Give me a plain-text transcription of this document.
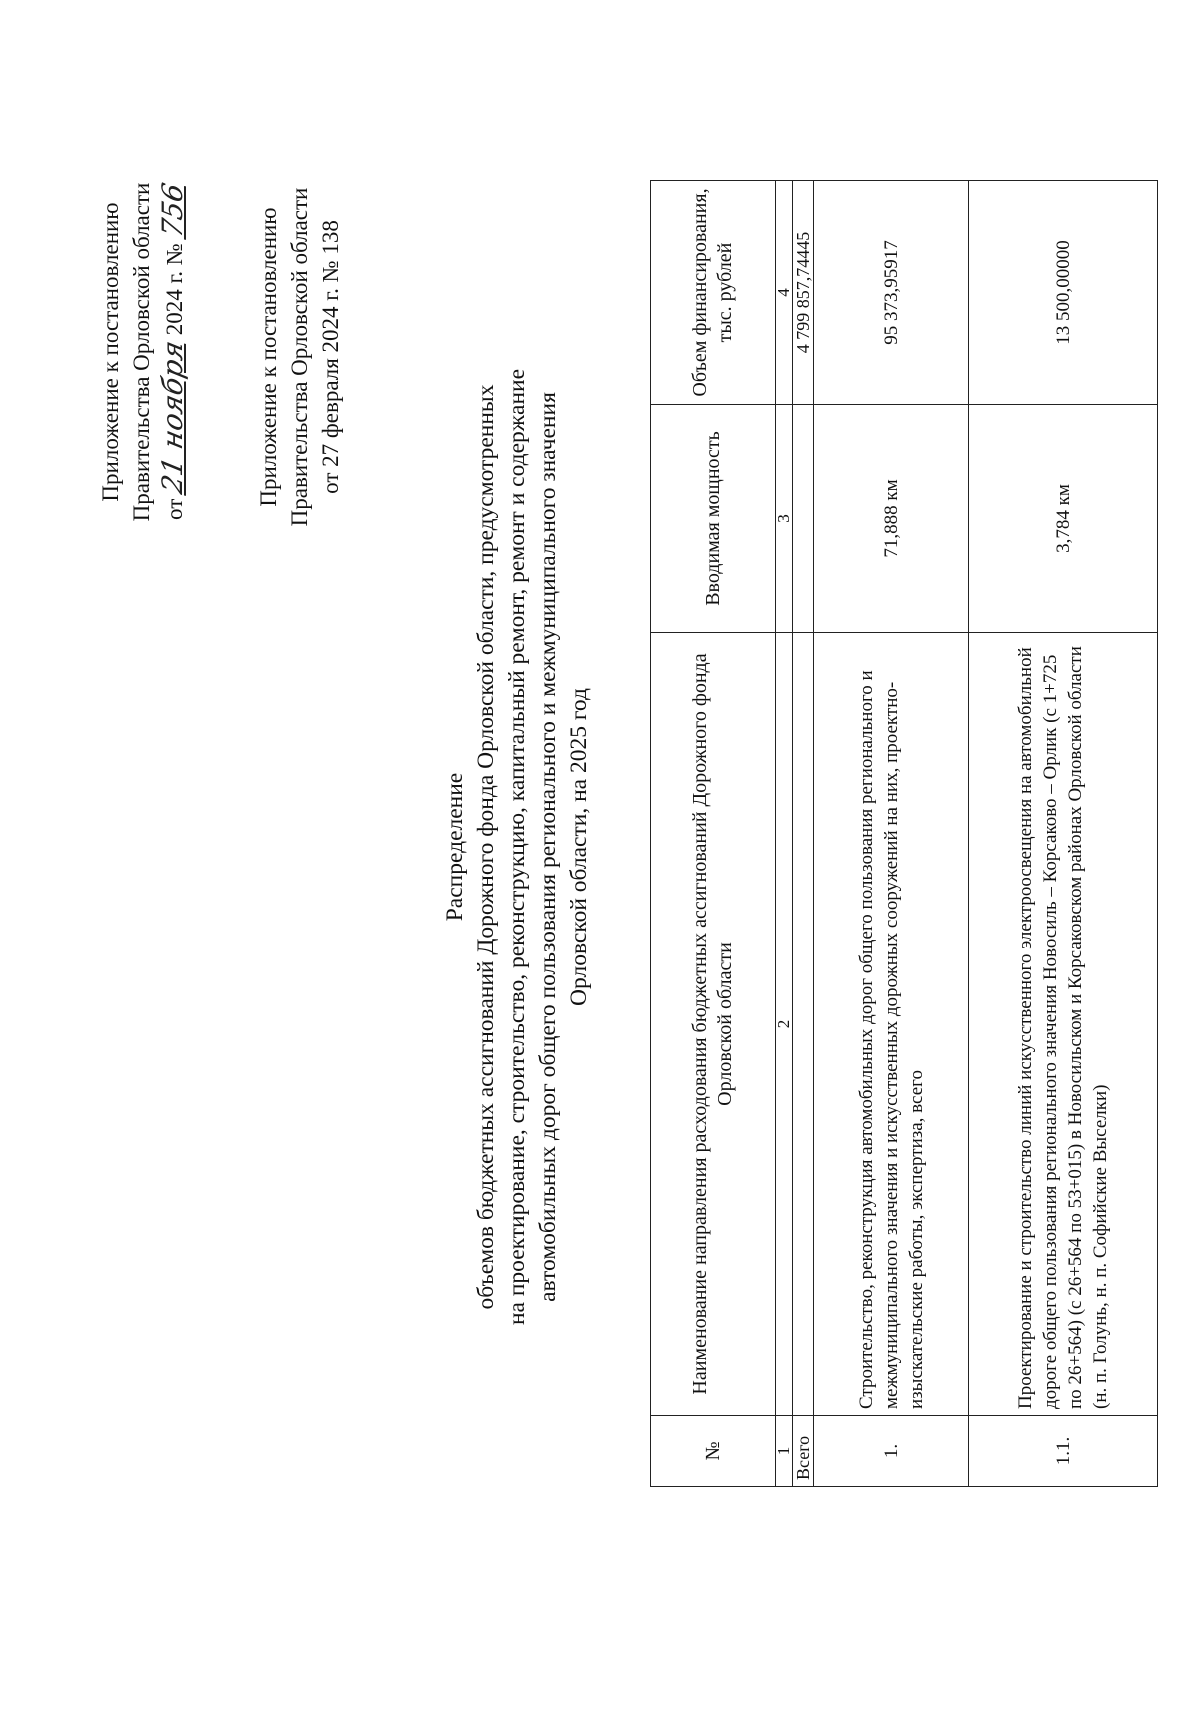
Приложение к постановлению Правительства Орловской области от 21 ноября 2024 г. № 756	Приложение к постановлению Правительства Орловской области от 27 февраля 2024 г. № 138
Распределение объемов бюджетных ассигнований Дорожного фонда Орловской области, предусмотренных на проектирование, строительство, реконструкцию, капитальный ремонт, ремонт и содержание автомобильных дорог общего пользования регионального и межмуниципального значения Орловской области, на 2025 год
№	Наименование направления расходования бюджетных ассигнований Дорожного фонда Орловской области	Вводимая мощность	Объем финансирования, тыс. рублей
1	2	3	4
Всего			4 799 857,74445
1.	Строительство, реконструкция автомобильных дорог общего пользования регионального и межмуниципального значения и искусственных дорожных сооружений на них, проектно-изыскательские работы, экспертиза, всего	71,888 км	95 373,95917
1.1.	Проектирование и строительство линий искусственного электроосвещения на автомобильной дороге общего пользования регионального значения Новосиль – Корсаково – Орлик (с 1+725 по 26+564) (с 26+564 по 53+015) в Новосильском и Корсаковском районах Орловской области (н. п. Голунь, н. п. Софийские Выселки)	3,784 км	13 500,00000
